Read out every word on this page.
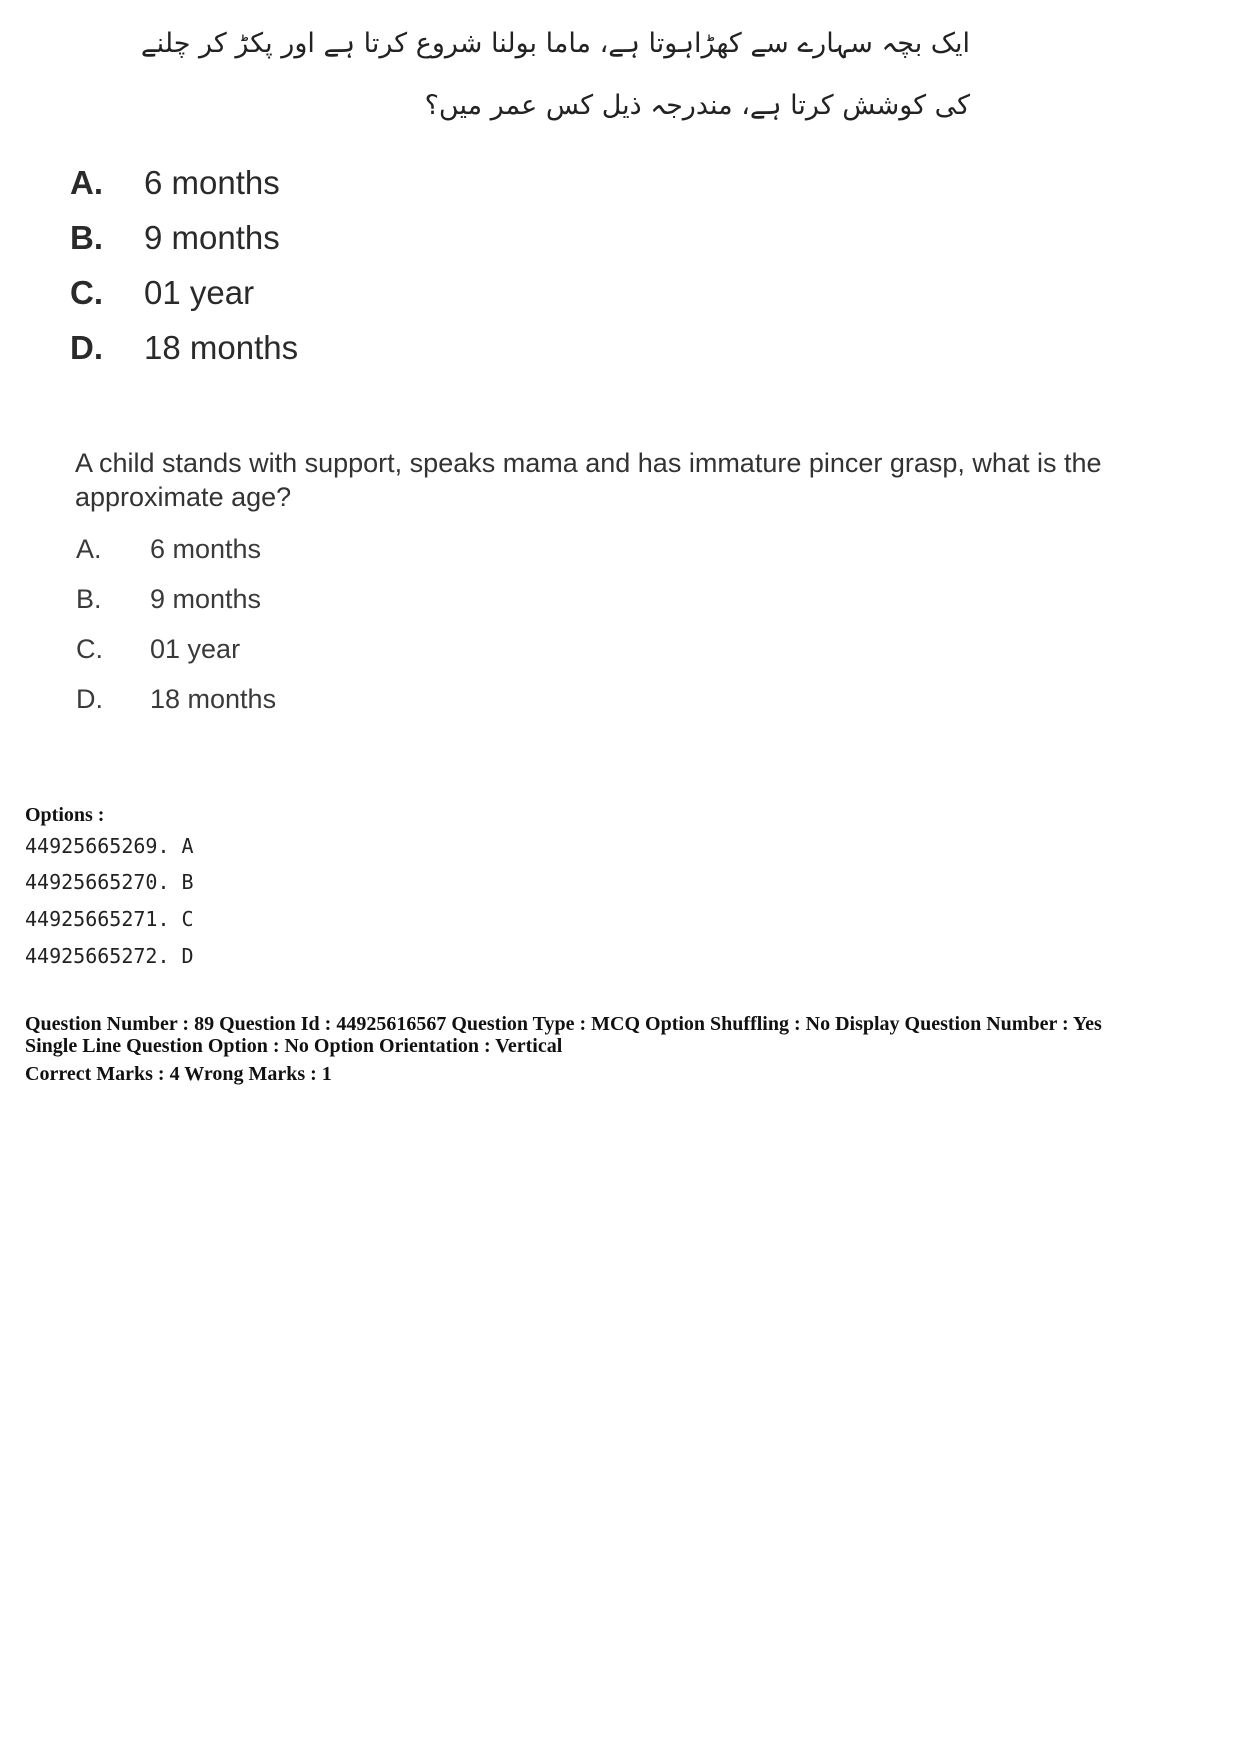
ایک بچہ سہارے سے کھڑاہوتا ہے، ماما بولنا شروع کرتا ہے اور پکڑ کر چلنے
کی کوشش کرتا ہے، مندرجہ ذیل کس عمر میں؟
A. 6 months
B. 9 months
C. 01 year
D. 18 months
A child stands with support, speaks mama and has immature pincer grasp, what is the approximate age?
A. 6 months
B. 9 months
C. 01 year
D. 18 months
Options :
44925665269. A
44925665270. B
44925665271. C
44925665272. D
Question Number : 89 Question Id : 44925616567 Question Type : MCQ Option Shuffling : No Display Question Number : Yes
Single Line Question Option : No Option Orientation : Vertical
Correct Marks : 4 Wrong Marks : 1
